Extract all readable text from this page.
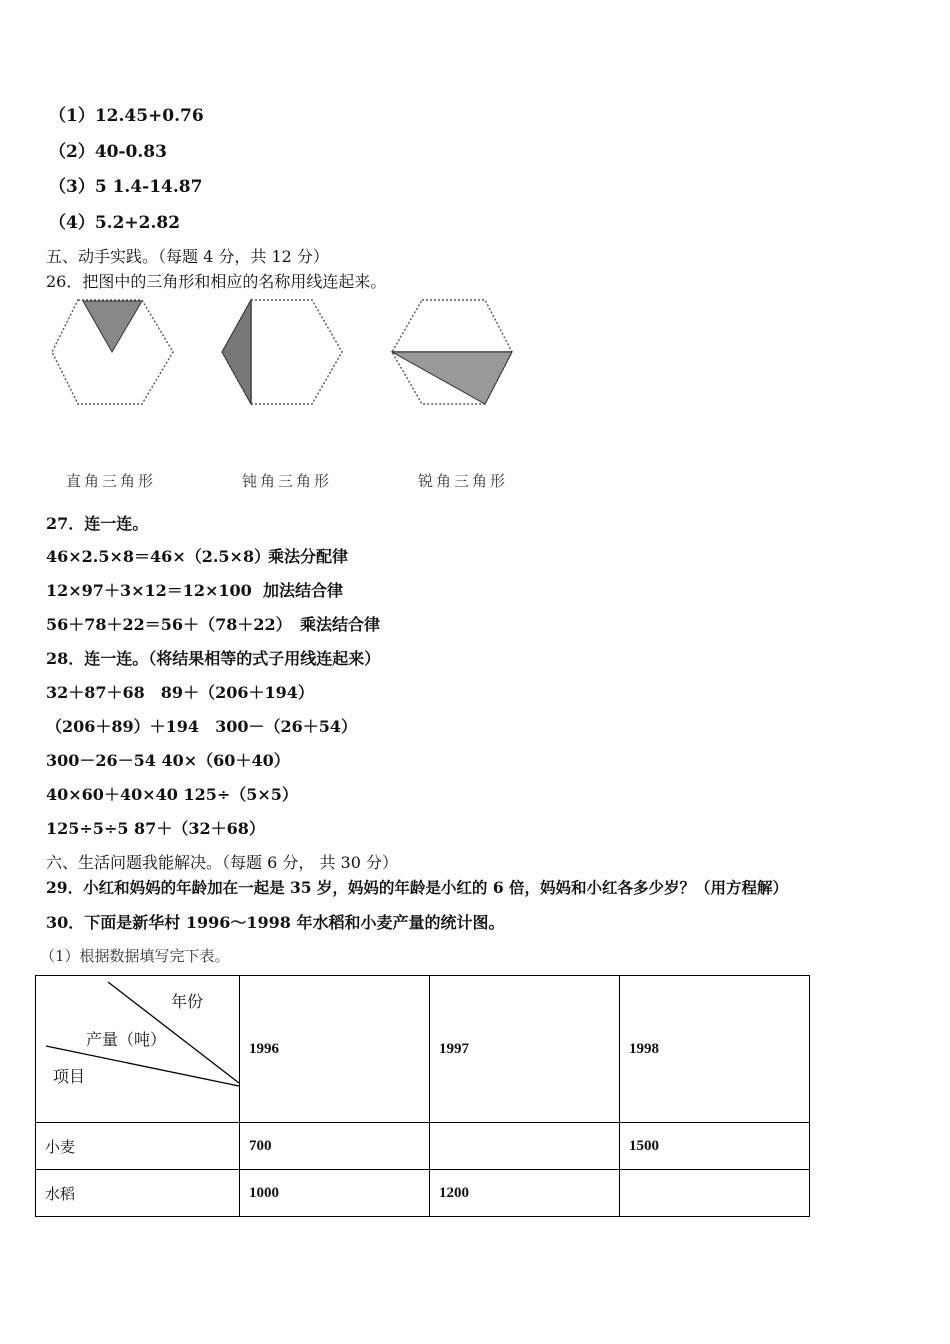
（1）12.45+0.76
（2）40-0.83
（3）5 1.4-14.87
（4）5.2+2.82
五、动手实践。（每题 4 分，共 12 分）
26．把图中的三角形和相应的名称用线连起来。
直角三角形	钝角三角形	锐角三角形
27．连一连。
46×2.5×8＝46×（2.5×8）
乘法分配律
12×97＋3×12＝12×100 加法结合律
56＋78＋22＝56＋（78＋22） 乘法结合律
28．连一连。（将结果相等的式子用线连起来）
32＋87＋68　89＋（206＋194）
（206＋89）＋194　300－（26＋54）
300－26－54 40×（60＋40）
40×60＋40×40 125÷（5×5）
125÷5÷5 87＋（32＋68）
六、生活问题我能解决。（每题 6 分， 共 30 分）
29．小红和妈妈的年龄加在一起是 35 岁，妈妈的年龄是小红的 6 倍，妈妈和小红各多少岁？（用方程解）
30．下面是新华村 1996～1998 年水稻和小麦产量的统计图。
（1）根据数据填写完下表。
年份
产量（吨）
项目	1996	1997	1998
小麦	700		1500
水稻	1000	1200	
